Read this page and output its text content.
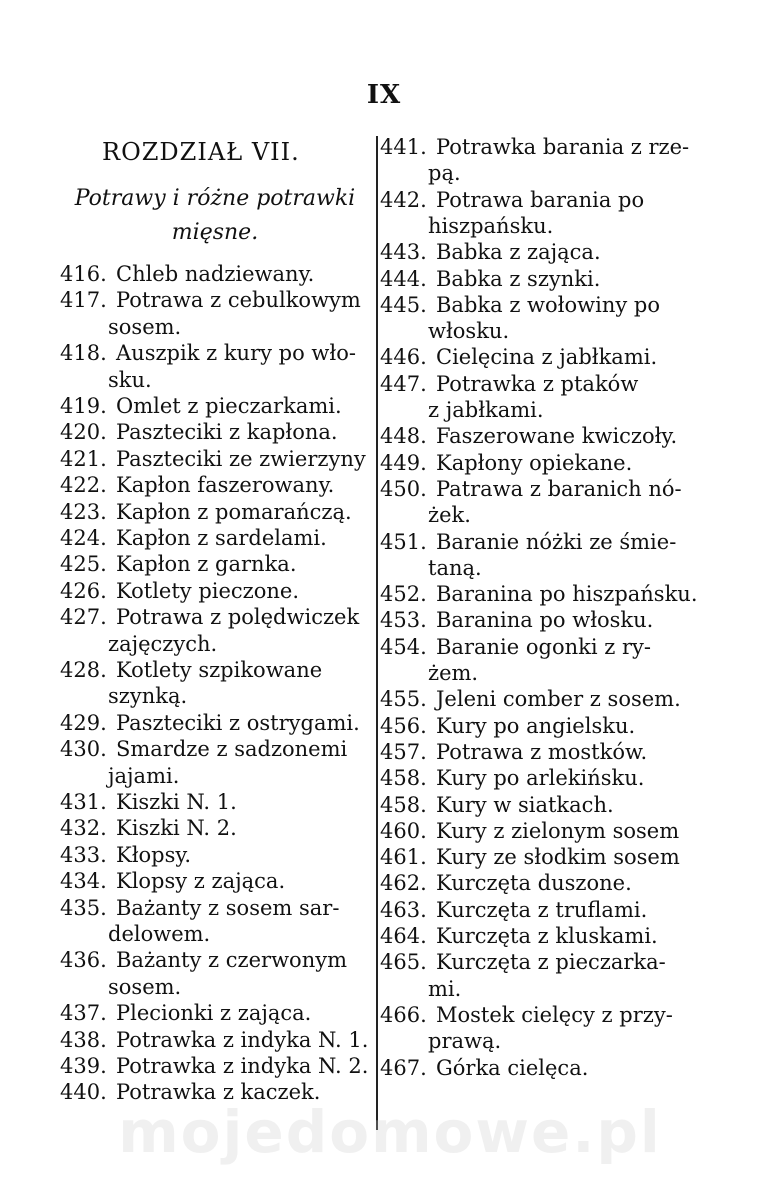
IX
ROZDZIAŁ VII.
Potrawy i różne potrawki
mięsne.
416. Chleb nadziewany.
417. Potrawa z cebulkowym
sosem.
418. Auszpik z kury po wło-
sku.
419. Omlet z pieczarkami.
420. Paszteciki z kapłona.
421. Paszteciki ze zwierzyny
422. Kapłon faszerowany.
423. Kapłon z pomarańczą.
424. Kapłon z sardelami.
425. Kapłon z garnka.
426. Kotlety pieczone.
427. Potrawa z polędwiczek
zajęczych.
428. Kotlety szpikowane
szynką.
429. Paszteciki z ostrygami.
430. Smardze z sadzonemi
jajami.
431. Kiszki N. 1.
432. Kiszki N. 2.
433. Kłopsy.
434. Klopsy z zająca.
435. Bażanty z sosem sar-
delowem.
436. Bażanty z czerwonym
sosem.
437. Plecionki z zająca.
438. Potrawka z indyka N. 1.
439. Potrawka z indyka N. 2.
440. Potrawka z kaczek.
441. Potrawka barania z rze-
pą.
442. Potrawa barania po
hiszpańsku.
443. Babka z zająca.
444. Babka z szynki.
445. Babka z wołowiny po
włosku.
446. Cielęcina z jabłkami.
447. Potrawka z ptaków
z jabłkami.
448. Faszerowane kwiczoły.
449. Kapłony opiekane.
450. Patrawa z baranich nó-
żek.
451. Baranie nóżki ze śmie-
taną.
452. Baranina po hiszpańsku.
453. Baranina po włosku.
454. Baranie ogonki z ry-
żem.
455. Jeleni comber z sosem.
456. Kury po angielsku.
457. Potrawa z mostków.
458. Kury po arlekińsku.
458. Kury w siatkach.
460. Kury z zielonym sosem
461. Kury ze słodkim sosem
462. Kurczęta duszone.
463. Kurczęta z truflami.
464. Kurczęta z kluskami.
465. Kurczęta z pieczarka-
mi.
466. Mostek cielęcy z przy-
prawą.
467. Górka cielęca.
mojedomowe.pl
